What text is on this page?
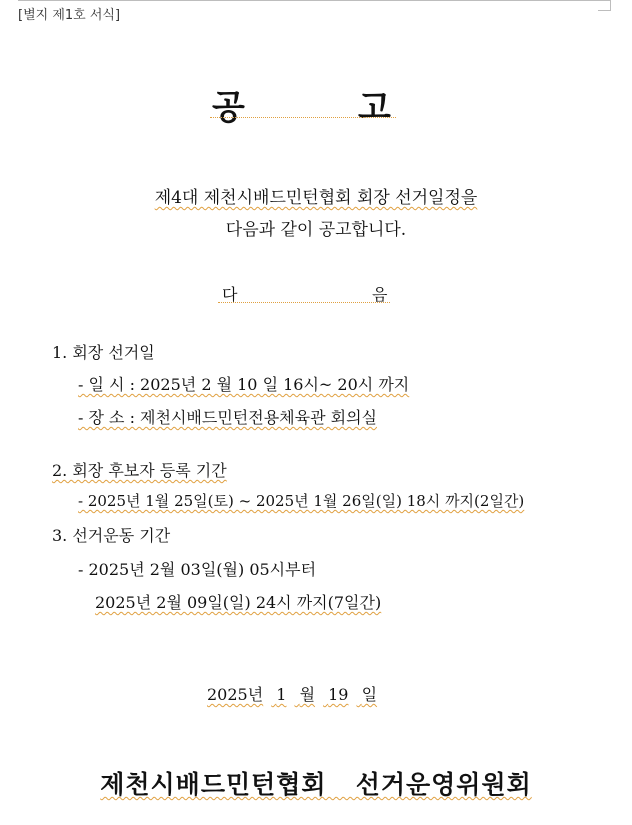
[별지 제1호 서식]
공	고
제4대 제천시배드민턴협회 회장 선거일정을
다음과 같이 공고합니다.
다	음
1. 회장 선거일
- 일 시 : 2025년 2 월 10 일 16시~ 20시 까지
- 장 소 : 제천시배드민턴전용체육관 회의실
2. 회장 후보자 등록 기간
- 2025년 1월 25일(토) ~ 2025년 1월 26일(일) 18시 까지(2일간)
3. 선거운동 기간
- 2025년 2월 03일(월) 05시부터
2025년 2월 09일(일) 24시 까지(7일간)
2025년 1 월 19 일
제천시배드민턴협회   선거운영위원회
